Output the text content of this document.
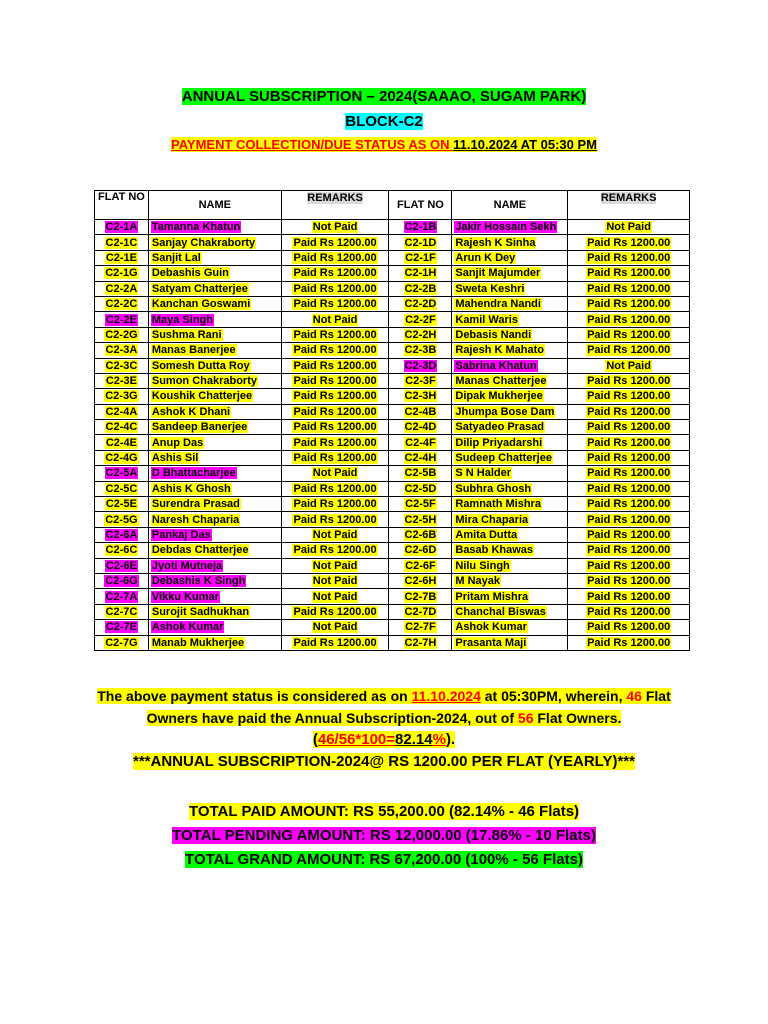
ANNUAL SUBSCRIPTION – 2024(SAAAO, SUGAM PARK)
BLOCK-C2
PAYMENT COLLECTION/DUE STATUS AS ON 11.10.2024 AT 05:30 PM
FLAT NO	NAME	REMARKS	FLAT NO	NAME	REMARKS
C2-1A	Tamanna Khatun	Not Paid	C2-1B	Jakir Hossain Sekh	Not Paid
C2-1C	Sanjay Chakraborty	Paid Rs 1200.00	C2-1D	Rajesh K Sinha	Paid Rs 1200.00
C2-1E	Sanjit Lal	Paid Rs 1200.00	C2-1F	Arun K Dey	Paid Rs 1200.00
C2-1G	Debashis Guin	Paid Rs 1200.00	C2-1H	Sanjit Majumder	Paid Rs 1200.00
C2-2A	Satyam Chatterjee	Paid Rs 1200.00	C2-2B	Sweta Keshri	Paid Rs 1200.00
C2-2C	Kanchan Goswami	Paid Rs 1200.00	C2-2D	Mahendra Nandi	Paid Rs 1200.00
C2-2E	Maya Singh	Not Paid	C2-2F	Kamil Waris	Paid Rs 1200.00
C2-2G	Sushma Rani	Paid Rs 1200.00	C2-2H	Debasis Nandi	Paid Rs 1200.00
C2-3A	Manas Banerjee	Paid Rs 1200.00	C2-3B	Rajesh K Mahato	Paid Rs 1200.00
C2-3C	Somesh Dutta Roy	Paid Rs 1200.00	C2-3D	Sabrina Khatun	Not Paid
C2-3E	Sumon Chakraborty	Paid Rs 1200.00	C2-3F	Manas Chatterjee	Paid Rs 1200.00
C2-3G	Koushik Chatterjee	Paid Rs 1200.00	C2-3H	Dipak Mukherjee	Paid Rs 1200.00
C2-4A	Ashok K Dhani	Paid Rs 1200.00	C2-4B	Jhumpa Bose Dam	Paid Rs 1200.00
C2-4C	Sandeep Banerjee	Paid Rs 1200.00	C2-4D	Satyadeo Prasad	Paid Rs 1200.00
C2-4E	Anup Das	Paid Rs 1200.00	C2-4F	Dilip Priyadarshi	Paid Rs 1200.00
C2-4G	Ashis Sil	Paid Rs 1200.00	C2-4H	Sudeep Chatterjee	Paid Rs 1200.00
C2-5A	D Bhattacharjee	Not Paid	C2-5B	S N Halder	Paid Rs 1200.00
C2-5C	Ashis K Ghosh	Paid Rs 1200.00	C2-5D	Subhra Ghosh	Paid Rs 1200.00
C2-5E	Surendra Prasad	Paid Rs 1200.00	C2-5F	Ramnath Mishra	Paid Rs 1200.00
C2-5G	Naresh Chaparia	Paid Rs 1200.00	C2-5H	Mira Chaparia	Paid Rs 1200.00
C2-6A	Pankaj Das	Not Paid	C2-6B	Amita Dutta	Paid Rs 1200.00
C2-6C	Debdas Chatterjee	Paid Rs 1200.00	C2-6D	Basab Khawas	Paid Rs 1200.00
C2-6E	Jyoti Mutneja	Not Paid	C2-6F	Nilu Singh	Paid Rs 1200.00
C2-6G	Debashis K Singh	Not Paid	C2-6H	M Nayak	Paid Rs 1200.00
C2-7A	Vikku Kumar	Not Paid	C2-7B	Pritam Mishra	Paid Rs 1200.00
C2-7C	Surojit Sadhukhan	Paid Rs 1200.00	C2-7D	Chanchal Biswas	Paid Rs 1200.00
C2-7E	Ashok Kumar	Not Paid	C2-7F	Ashok Kumar	Paid Rs 1200.00
C2-7G	Manab Mukherjee	Paid Rs 1200.00	C2-7H	Prasanta Maji	Paid Rs 1200.00
The above payment status is considered as on 11.10.2024 at 05:30PM, wherein, 46 Flat
Owners have paid the Annual Subscription-2024, out of 56 Flat Owners.
(46/56*100=82.14%).
***ANNUAL SUBSCRIPTION-2024@ RS 1200.00 PER FLAT (YEARLY)***
TOTAL PAID AMOUNT: RS 55,200.00 (82.14% - 46 Flats)
TOTAL PENDING AMOUNT: RS 12,000.00 (17.86% - 10 Flats)
TOTAL GRAND AMOUNT: RS 67,200.00 (100% - 56 Flats)
